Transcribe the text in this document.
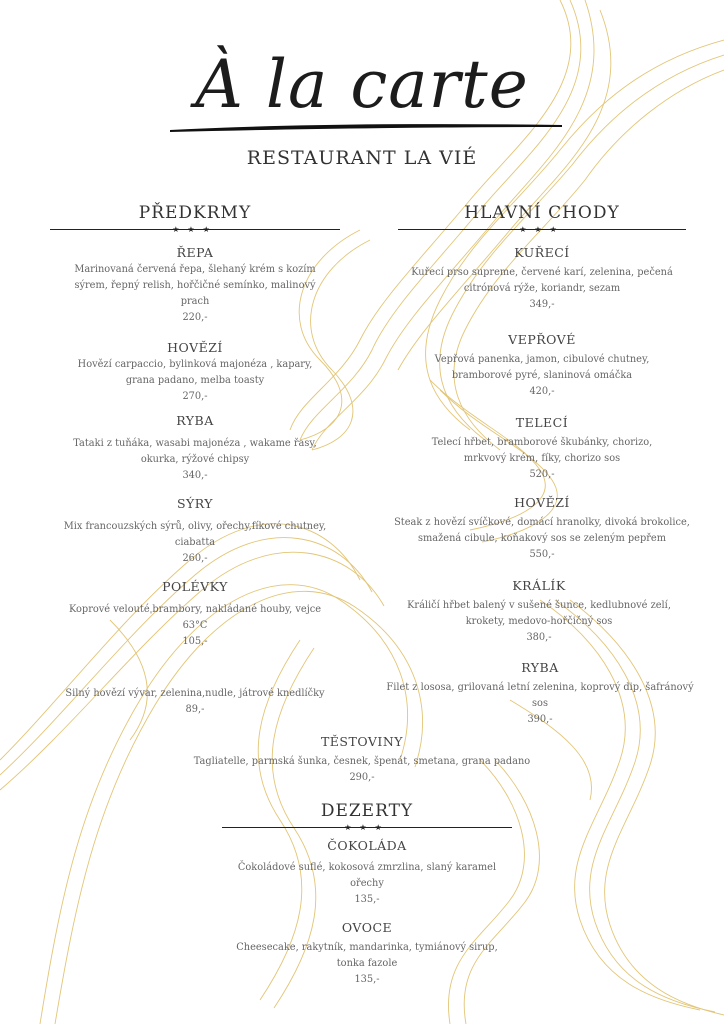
À la carte
RESTAURANT LA VIÉ
PŘEDKRMY
★★★
ŘEPA
Marinovaná červená řepa, šlehaný krém s kozím sýrem, řepný relish, hořčičné semínko, malinový prach
220,-
HOVĚZÍ
Hovězí carpaccio, bylinková majonéza , kapary, grana padano, melba toasty
270,-
RYBA
Tataki z tuňáka, wasabi majonéza , wakame řasy, okurka, rýžové chipsy
340,-
SÝRY
Mix francouzských sýrů, olivy, ořechy,fíkové chutney, ciabatta
260,-
POLÉVKY
Koprové veloutéˌbrambory, nakládané houby, vejce 63°C
105,-
Silný hovězí vývar, zelenina,nudle, játrové knedlíčky
89,-
HLAVNÍ CHODY
★★★
KUŘECÍ
Kuřecí prso supreme, červené karí, zelenina, pečená citrónová rýže, koriandr, sezam
349,-
VEPŘOVÉ
Vepřová panenka, jamon, cibulové chutney, bramborové pyré, slaninová omáčka
420,-
TELECÍ
Telecí hřbet, bramborové škubánky, chorizo, mrkvový krém, fíky, chorizo sos
520,-
HOVĚZÍ
Steak z hovězí svíčkové, domácí hranolky, divoká brokolice, smažená cibule, koňakový sos se zeleným pepřem
550,-
KRÁLÍK
Králičí hřbet balený v sušené šunce, kedlubnové zelí, krokety, medovo-hořčičný sos
380,-
RYBA
Filet z lososa, grilovaná letní zelenina, koprový dip, šafránový sos
390,-
TĚSTOVINY
Tagliatelle, parmská šunka, česnek, špenát, smetana, grana padano
290,-
DEZERTY
★★★
ČOKOLÁDA
Čokoládové suflé, kokosová zmrzlina, slaný karamel ořechy
135,-
OVOCE
Cheesecake, rakytník, mandarinka, tymiánový sirup, tonka fazole
135,-
